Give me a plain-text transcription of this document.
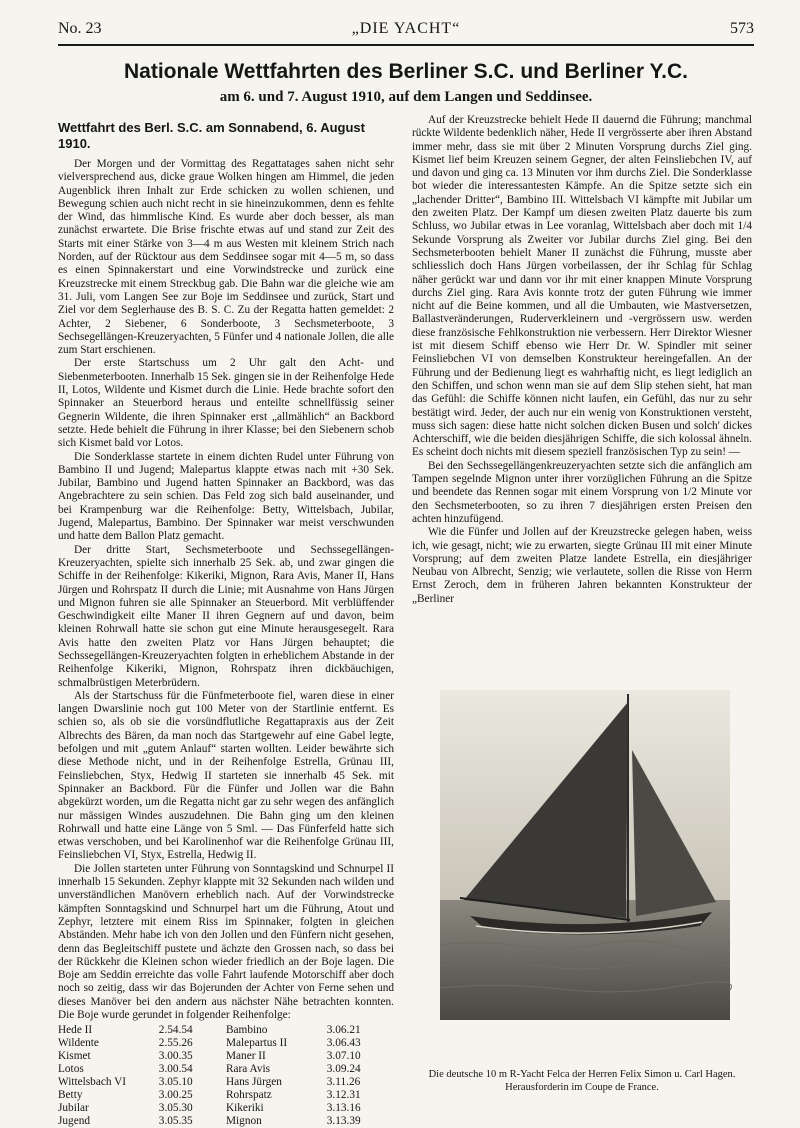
No. 23	„DIE YACHT“	573
Nationale Wettfahrten des Berliner S.C. und Berliner Y.C.
am 6. und 7. August 1910, auf dem Langen und Seddinsee.
Wettfahrt des Berl. S.C. am Sonnabend, 6. August 1910.

Der Morgen und der Vormittag des Regattatages sahen nicht sehr vielversprechend aus, dicke graue Wolken hingen am Himmel, die jeden Augenblick ihren Inhalt zur Erde schicken zu wollen schienen, und Bewegung schien auch nicht recht in sie hineinzukommen, denn es fehlte der Wind, das himmlische Kind. Es wurde aber doch besser, als man zunächst erwartete. Die Brise frischte etwas auf und stand zur Zeit des Starts mit einer Stärke von 3—4 m aus Westen mit kleinem Strich nach Norden, auf der Rücktour aus dem Seddinsee sogar mit 4—5 m, so dass es einen Spinnakerstart und eine Vorwindstrecke und zurück eine Kreuzstrecke mit einem Streckbug gab. Die Bahn war die gleiche wie am 31. Juli, vom Langen See zur Boje im Seddinsee und zurück, Start und Ziel vor dem Seglerhause des B. S. C. Zu der Regatta hatten gemeldet: 2 Achter, 2 Siebener, 6 Sonderboote, 3 Sechsmeterboote, 3 Sechsegellängen-Kreuzeryachten, 5 Fünfer und 4 nationale Jollen, die alle zum Start erschienen.

Der erste Startschuss um 2 Uhr galt den Acht- und Siebenmeterbooten. Innerhalb 15 Sek. gingen sie in der Reihenfolge Hede II, Lotos, Wildente und Kismet durch die Linie. Hede brachte sofort den Spinnaker an Steuerbord heraus und enteilte schnellfüssig seiner Gegnerin Wildente, die ihren Spinnaker erst „allmählich“ an Backbord setzte. Hede behielt die Führung in ihrer Klasse; bei den Siebenern schob sich Kismet bald vor Lotos.

Die Sonderklasse startete in einem dichten Rudel unter Führung von Bambino II und Jugend; Malepartus klappte etwas nach mit +30 Sek. Jubilar, Bambino und Jugend hatten Spinnaker an Backbord, was das Angebrachtere zu sein schien. Das Feld zog sich bald auseinander, und bei Krampenburg war die Reihenfolge: Betty, Wittelsbach, Jubilar, Jugend, Malepartus, Bambino. Der Spinnaker war meist verschwunden und hatte dem Ballon Platz gemacht.

Der dritte Start, Sechsmeterboote und Sechssegellängen-Kreuzeryachten, spielte sich innerhalb 25 Sek. ab, und zwar gingen die Schiffe in der Reihenfolge: Kikeriki, Mignon, Rara Avis, Maner II, Hans Jürgen und Rohrspatz II durch die Linie; mit Ausnahme von Hans Jürgen und Mignon fuhren sie alle Spinnaker an Steuerbord. Mit verblüffender Geschwindigkeit eilte Maner II ihren Gegnern auf und davon, beim kleinen Rohrwall hatte sie schon gut eine Minute herausgesegelt. Rara Avis hatte den zweiten Platz vor Hans Jürgen behauptet; die Sechssegellängen-Kreuzeryachten folgten in erheblichem Abstande in der Reihenfolge Kikeriki, Mignon, Rohrspatz ihren dickbäuchigen, schmalbrüstigen Meterbrüdern.

Als der Startschuss für die Fünfmeterboote fiel, waren diese in einer langen Dwarslinie noch gut 100 Meter von der Startlinie entfernt. Es schien so, als ob sie die vorsündflutliche Regattapraxis aus der Zeit Albrechts des Bären, da man noch das Startgewehr auf eine Gabel legte, befolgen und mit „gutem Anlauf“ starten wollten. Leider bewährte sich diese Methode nicht, und in der Reihenfolge Estrella, Grünau III, Feinsliebchen, Styx, Hedwig II starteten sie innerhalb 45 Sek. mit Spinnaker an Backbord. Für die Fünfer und Jollen war die Bahn abgekürzt worden, um die Regatta nicht gar zu sehr wegen des anfänglich nur mässigen Windes auszudehnen. Die Bahn ging um den kleinen Rohrwall und hatte eine Länge von 5 Sml. — Das Fünferfeld hatte sich etwas verschoben, und bei Karolinenhof war die Reihenfolge Grünau III, Feinsliebchen VI, Styx, Estrella, Hedwig II.

Die Jollen starteten unter Führung von Sonntagskind und Schnurpel II innerhalb 15 Sekunden. Zephyr klappte mit 32 Sekunden nach wilden und unverständlichen Manövern erheblich nach. Auf der Vorwindstrecke kämpften Sonntagskind und Schnurpel hart um die Führung, Atout und Zephyr, letztere mit einem Riss im Spinnaker, folgten in gleichen Abständen. Mehr habe ich von den Jollen und den Fünfern nicht gesehen, denn das Begleitschiff pustete und ächzte den Grossen nach, so dass bei der Rückkehr die Kleinen schon wieder friedlich an der Boje lagen. Die Boje am Seddin erreichte das volle Fahrt laufende Motorschiff aber doch noch so zeitig, dass wir das Bojerunden der Achter von Ferne sehen und dieses Manöver bei den andern aus nächster Nähe betrachten konnten. Die Boje wurde gerundet in folgender Reihenfolge:

Hede II	2.54.54	Bambino	3.06.21
Wildente	2.55.26	Malepartus II	3.06.43
Kismet	3.00.35	Maner II	3.07.10
Lotos	3.00.54	Rara Avis	3.09.24
Wittelsbach VI	3.05.10	Hans Jürgen	3.11.26
Betty	3.00.25	Rohrspatz	3.12.31
Jubilar	3.05.30	Kikeriki	3.13.16
Jugend	3.05.35	Mignon	3.13.39

Auf der Kreuzstrecke behielt Hede II dauernd die Führung; manchmal rückte Wildente bedenklich näher, Hede II vergrösserte aber ihren Abstand immer mehr, dass sie mit über 2 Minuten Vorsprung durchs Ziel ging. Kismet lief beim Kreuzen seinem Gegner, der alten Feinsliebchen IV, auf und davon und ging ca. 13 Minuten vor ihm durchs Ziel. Die Sonderklasse bot wieder die interessantesten Kämpfe. An die Spitze setzte sich ein „lachender Dritter“, Bambino III. Wittelsbach VI kämpfte mit Jubilar um den zweiten Platz. Der Kampf um diesen zweiten Platz dauerte bis zum Schluss, wo Jubilar etwas in Lee voranlag, Wittelsbach aber doch mit 1/4 Sekunde Vorsprung als Zweiter vor Jubilar durchs Ziel ging. Bei den Sechsmeterbooten behielt Maner II zunächst die Führung, musste aber schliesslich doch Hans Jürgen vorbeilassen, der ihr Schlag für Schlag näher gerückt war und dann vor ihr mit einer knappen Minute Vorsprung durchs Ziel ging. Rara Avis konnte trotz der guten Führung wie immer nicht auf die Beine kommen, und all die Umbauten, wie Mastversetzen, Ballastveränderungen, Ruderverkleinern und -vergrössern usw. werden diese französische Fehlkonstruktion nie verbessern. Herr Direktor Wiesner ist mit diesem Schiff ebenso wie Herr Dr. W. Spindler mit seiner Feinsliebchen VI von demselben Konstrukteur hereingefallen. An der Führung und der Bedienung liegt es wahrhaftig nicht, es liegt lediglich an den Schiffen, und schon wenn man sie auf dem Slip stehen sieht, hat man das Gefühl: die Schiffe können nicht laufen, ein Gefühl, das nur zu sehr bestätigt wird. Jeder, der auch nur ein wenig von Konstruktionen versteht, muss sich sagen: diese hatte nicht solchen dicken Busen und solch' dickes Achterschiff, wie die beiden diesjährigen Schiffe, die sich kolossal ähneln. Es scheint doch nichts mit diesem speziell französischen Typ zu sein! —

Bei den Sechssegellängenkreuzeryachten setzte sich die anfänglich am Tampen segelnde Mignon unter ihrer vorzüglichen Führung an die Spitze und beendete das Rennen sogar mit einem Vorsprung von 1/2 Minute vor den Sechsmeterbooten, so zu ihren 7 diesjährigen ersten Preisen den achten hinzufügend.

Wie die Fünfer und Jollen auf der Kreuzstrecke gelegen haben, weiss ich, wie gesagt, nicht; wie zu erwarten, siegte Grünau III mit einer Minute Vorsprung; auf dem zweiten Platze landete Estrella, ein diesjähriger Neubau von Albrecht, Senzig; wie verlautete, sollen die Risse von Herrn Ernst Zeroch, dem in früheren Jahren bekannten Konstrukteur der „Berliner

Die deutsche 10 m R-Yacht Felca der Herren Felix Simon u. Carl Hagen.
Herausforderin im Coupe de France.
